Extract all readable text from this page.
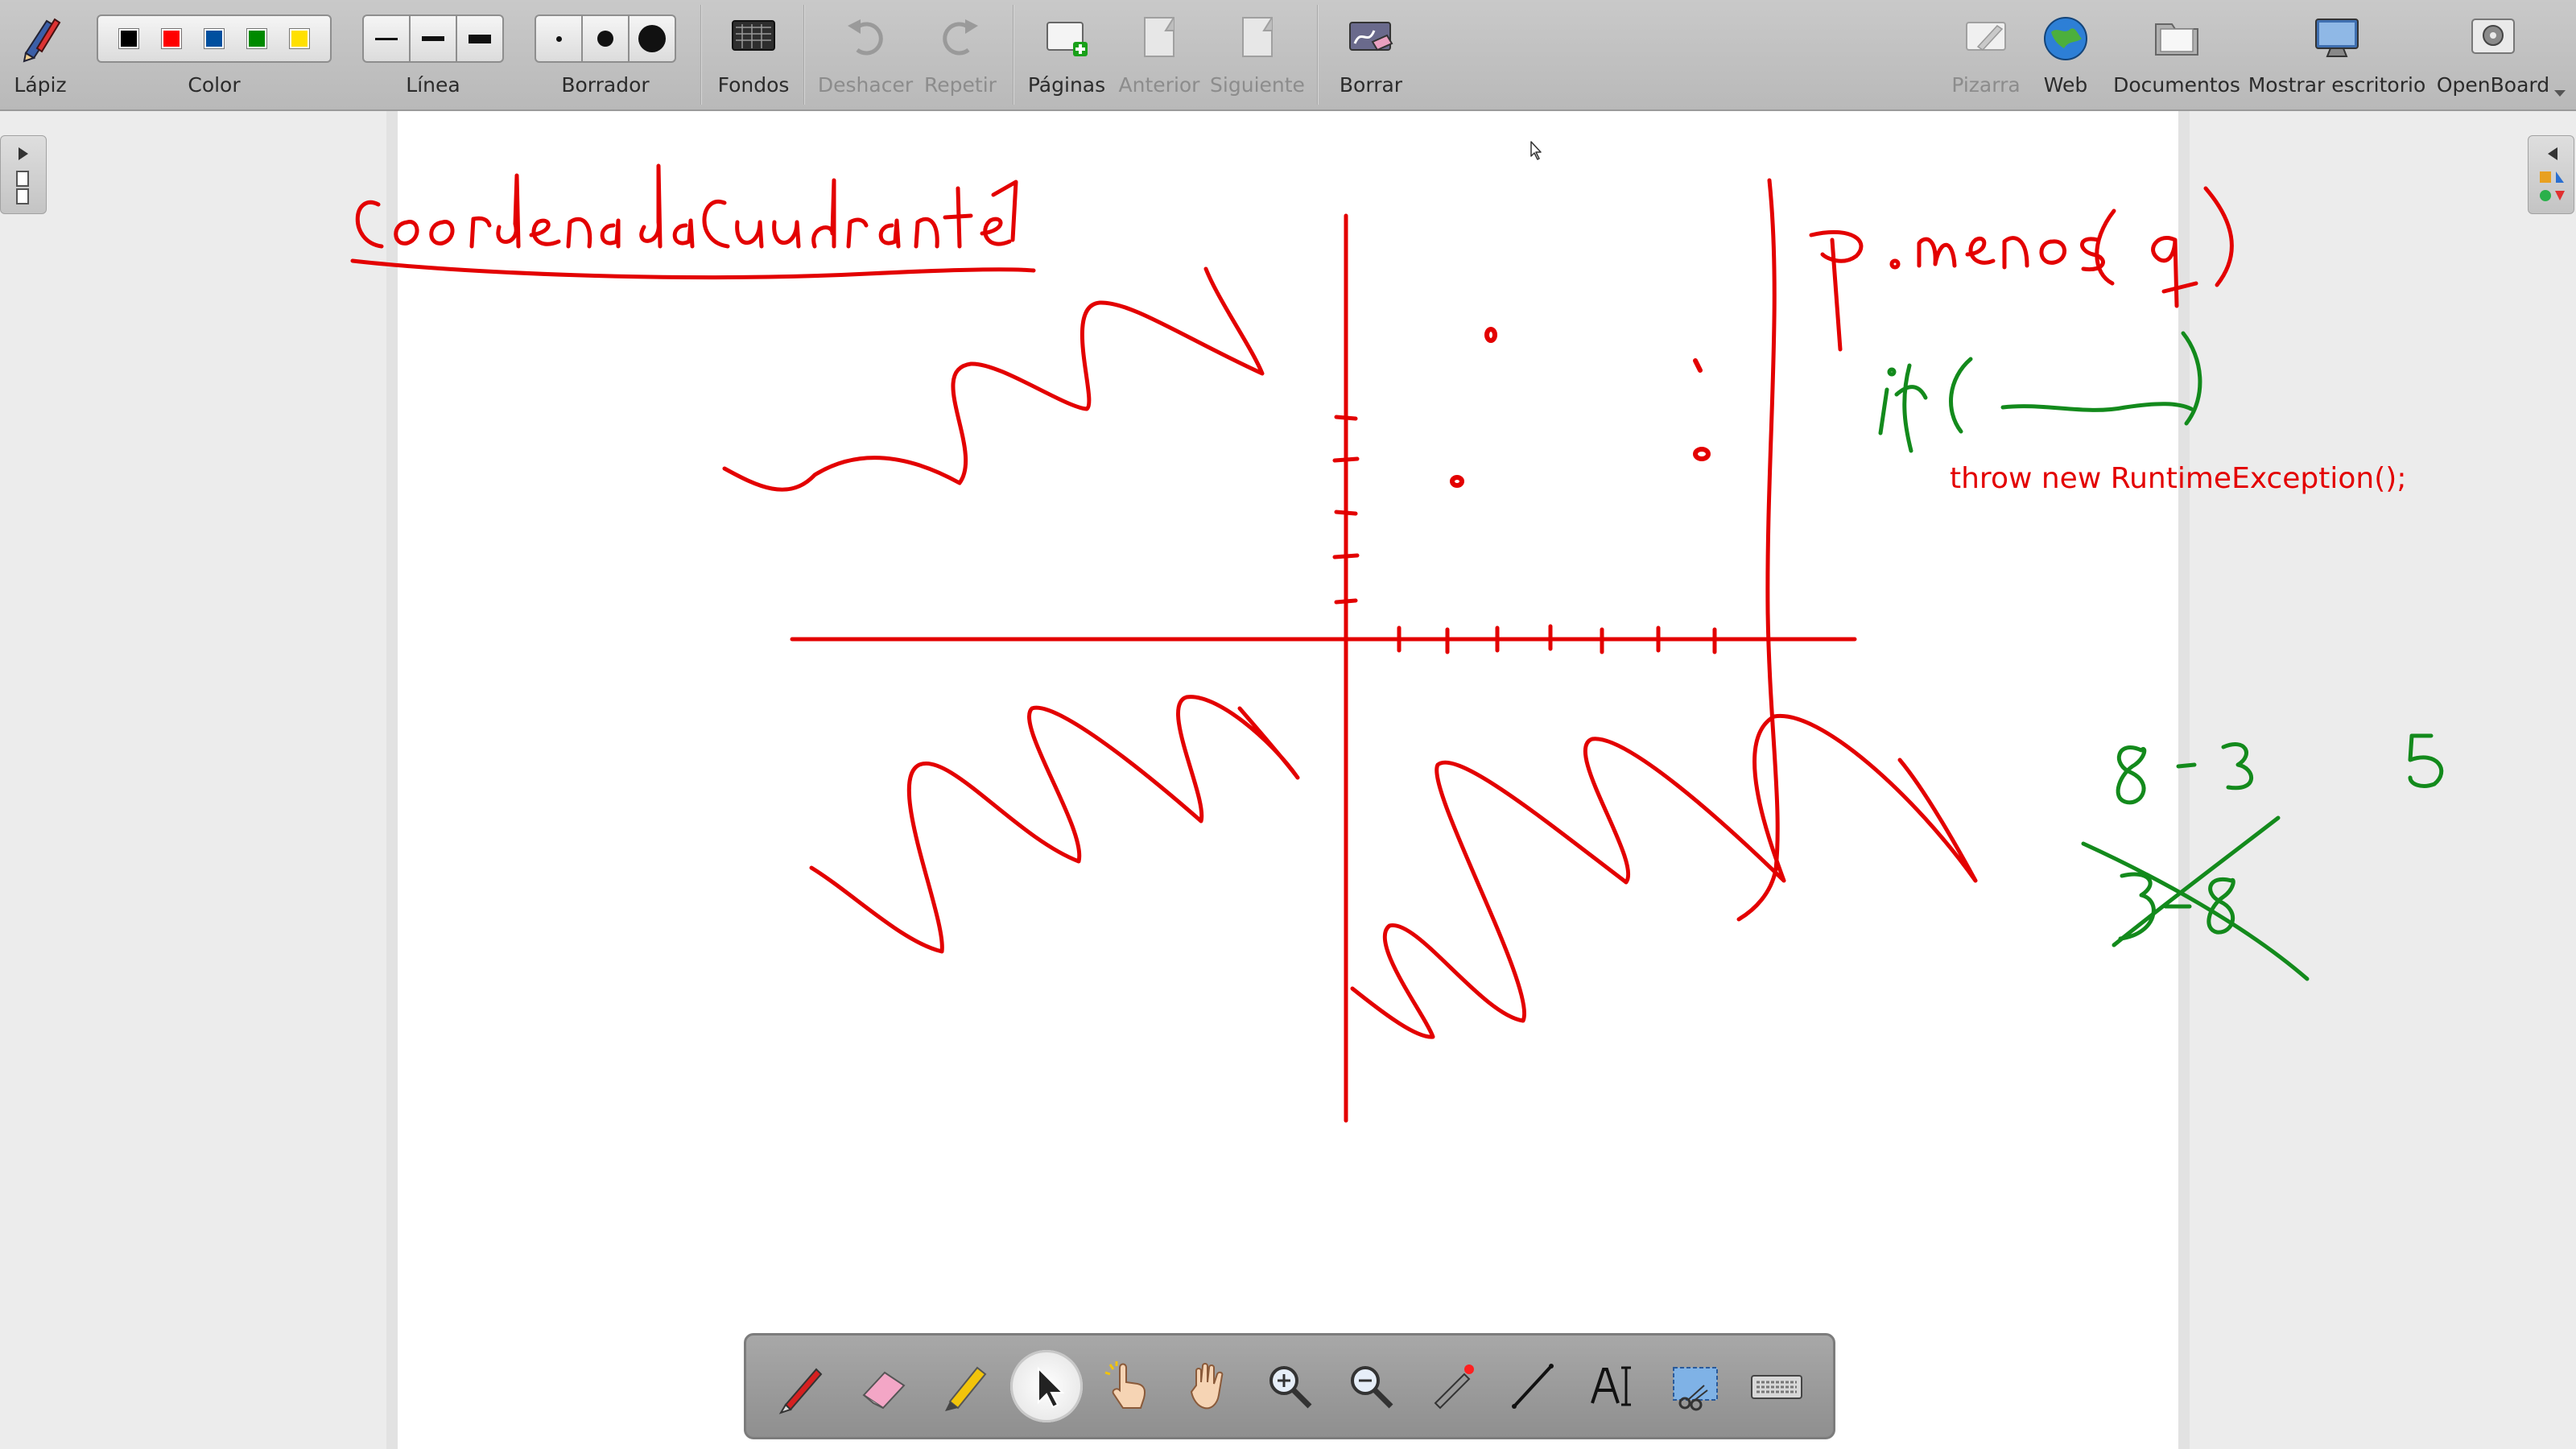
Lápiz	Color	Línea	Borrador	Fondos	Deshacer Repetir	Páginas Anterior Siguiente	Borrar	Pizarra	Web	Documentos Mostrar escritorio OpenBoard
throw new RuntimeException();
